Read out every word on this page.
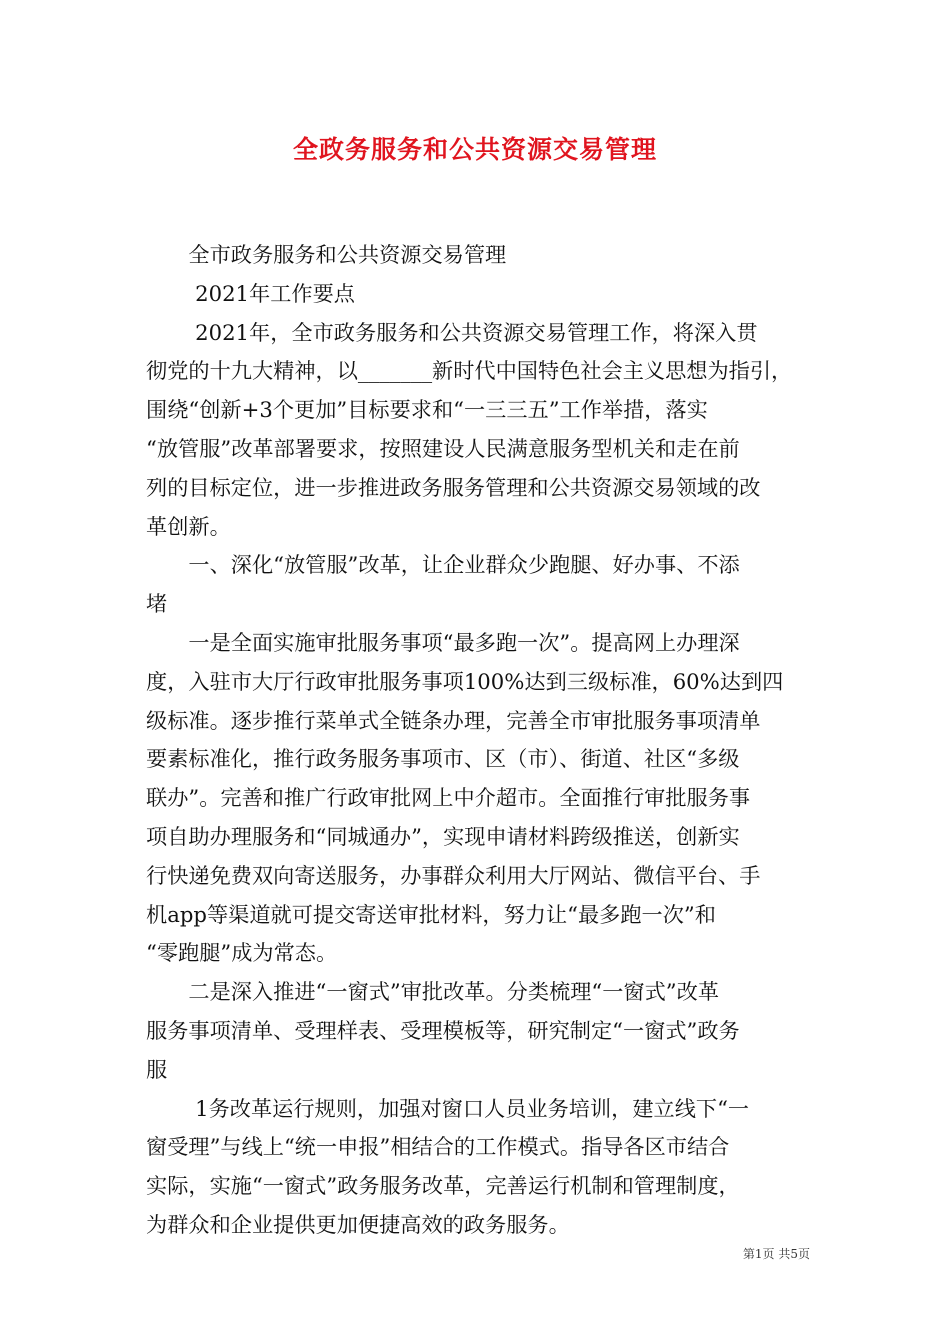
全政务服务和公共资源交易管理

　　全市政务服务和公共资源交易管理

　　 2021年工作要点

　　 2021年，全市政务服务和公共资源交易管理工作，将深入贯

彻党的十九大精神，以_______新时代中国特色社会主义思想为指引，

围绕“创新+3个更加”目标要求和“一三三五”工作举措，落实

“放管服”改革部署要求，按照建设人民满意服务型机关和走在前

列的目标定位，进一步推进政务服务管理和公共资源交易领域的改

革创新。

　　一、深化“放管服”改革，让企业群众少跑腿、好办事、不添

堵

　　一是全面实施审批服务事项“最多跑一次”。提高网上办理深

度，入驻市大厅行政审批服务事项100%达到三级标准，60%达到四

级标准。逐步推行菜单式全链条办理，完善全市审批服务事项清单

要素标准化，推行政务服务事项市、区（市）、街道、社区“多级

联办”。完善和推广行政审批网上中介超市。全面推行审批服务事

项自助办理服务和“同城通办”，实现申请材料跨级推送，创新实

行快递免费双向寄送服务，办事群众利用大厅网站、微信平台、手

机app等渠道就可提交寄送审批材料，努力让“最多跑一次”和

“零跑腿”成为常态。

　　二是深入推进“一窗式”审批改革。分类梳理“一窗式”改革

服务事项清单、受理样表、受理模板等，研究制定“一窗式”政务

服

　　 1务改革运行规则，加强对窗口人员业务培训，建立线下“一

窗受理”与线上“统一申报”相结合的工作模式。指导各区市结合

实际，实施“一窗式”政务服务改革，完善运行机制和管理制度，

为群众和企业提供更加便捷高效的政务服务。

第1页 共5页
